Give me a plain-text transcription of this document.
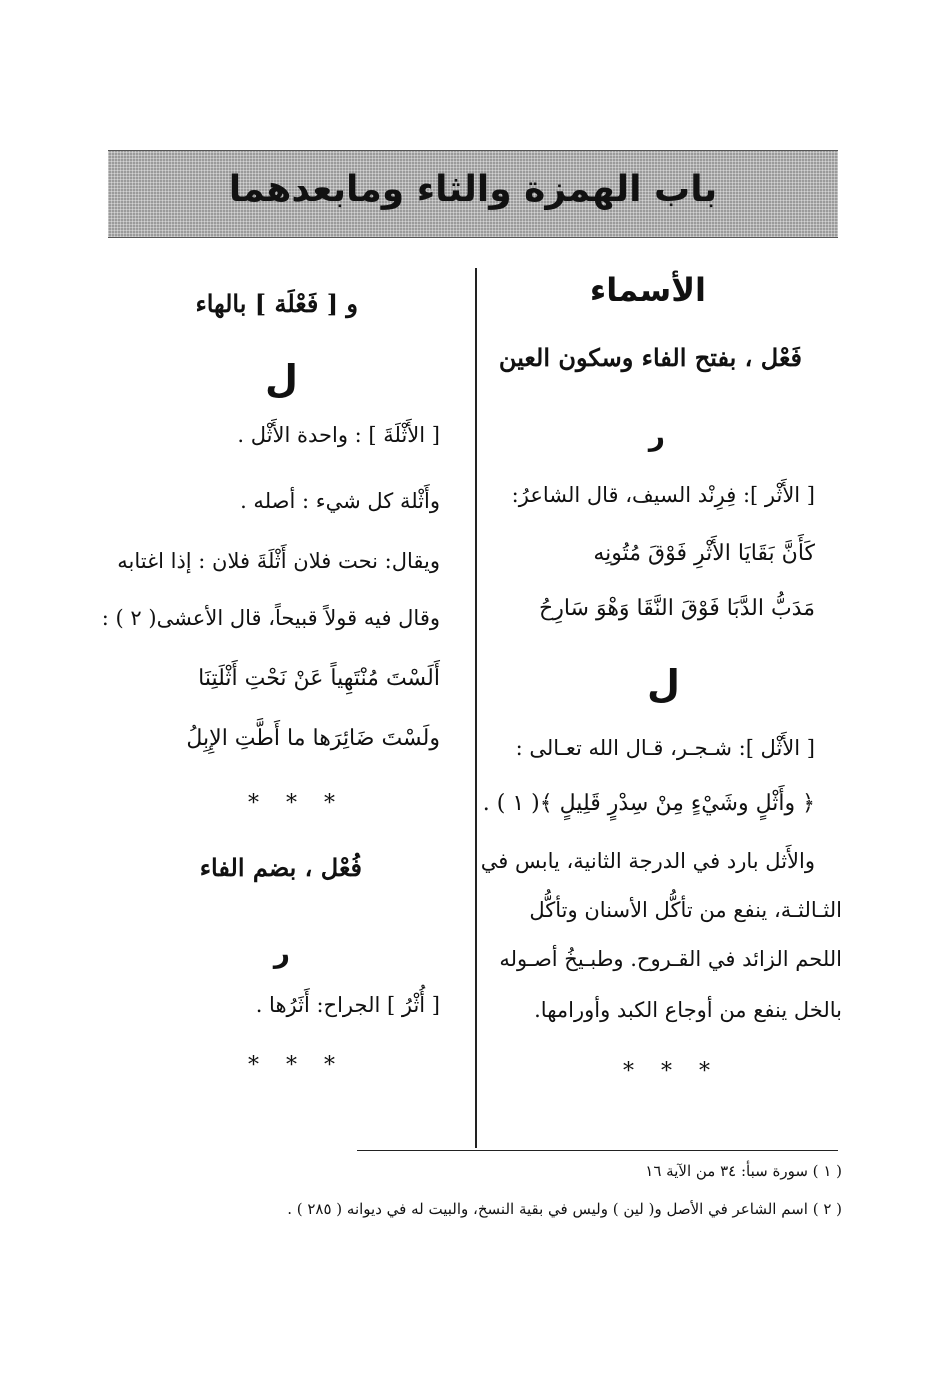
باب الهمزة والثاء ومابعدهما
الأسماء
فَعْل ، بفتح الفاء وسكون العين
ر
[ الأَثْر ]: فِرِنْد السيف، قال الشاعرُ:
كَأَنَّ بَقَايَا الأَثْرِ فَوْقَ مُتُونِه
مَدَبُّ الدَّبَا فَوْقَ النَّقَا وَهْوَ سَارِحُ
ل
[ الأَثْل ]: شـجـر، قـال الله تعـالى :
﴿ وأَثْلٍ وشَيْءٍ مِنْ سِدْرٍ قَلِيلٍ ﴾( ١ ) .
والأَثل بارد في الدرجة الثانية، يابس في
الثـالثـة، ينفع من تأكُّل الأسنان وتأكُّل
اللحم الزائد في القـروح. وطبـيخُ أصـوله
بالخل ينفع من أوجاع الكبد وأورامها.
* * *
و [ فَعْلَة ] بالهاء
ل
[ الأَثْلَةَ ] : واحدة الأَثْل .
وأَثْلة كل شيء : أصله .
ويقال: نحت فلان أَثْلَةَ فلان : إذا اغتابه
وقال فيه قولاً قبيحاً، قال الأعشى( ٢ ) :
أَلَسْتَ مُنْتَهِياً عَنْ نَحْتِ أَثْلَتِنَا
ولَسْتَ ضَائِرَها ما أَطَّتِ الإِبِلُ
* * *
فُعْل ، بضم الفاء
ر
[ أُثْرُ ] الجراح: أَثَرُها .
* * *
( ١ ) سورة سبأ: ٣٤ من الآية ١٦
( ٢ ) اسم الشاعر في الأصل و( لين ) وليس في بقية النسخ، والبيت له في ديوانه ( ٢٨٥ ) .
